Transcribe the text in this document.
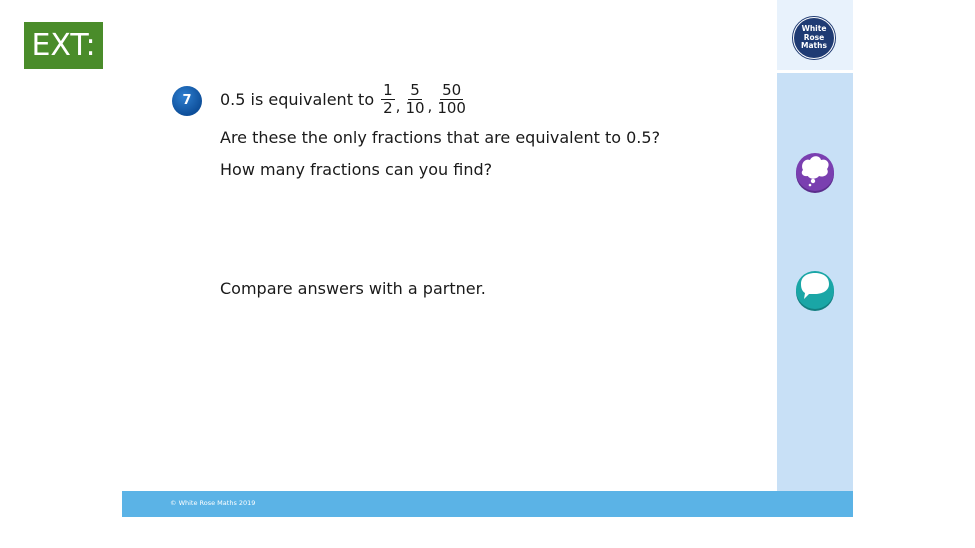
EXT:
7	0.5 is equivalent to $\frac{1}{2}$ , $\frac{5}{10}$ , $\frac{50}{100}$
Are these the only fractions that are equivalent to 0.5?
How many fractions can you find?
Compare answers with a partner.
White
Rose
Maths
© White Rose Maths 2019
